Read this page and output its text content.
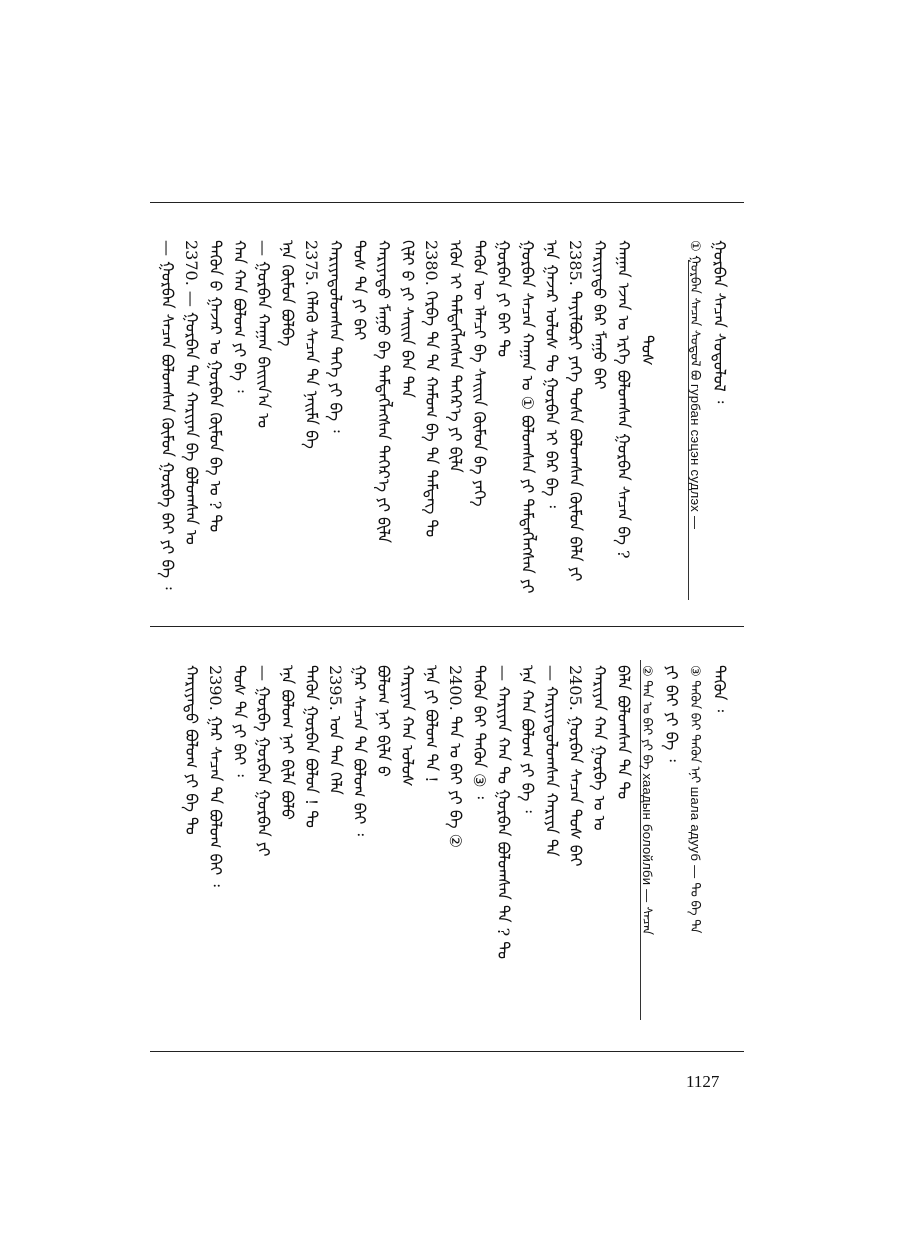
ᠭᠤᠷᠪᠠᠨ ᠰᠡᠴᠡᠨ ᠰᠤᠳᠤᠯᠤᠯ ᠄
① ᠭᠤᠷᠪᠠᠨ ᠰᠡᠴᠡᠨ ᠰᠤᠳᠤᠯ ᠪᠤ гурбан сэцэн судлэх —
ᠲᠤᠰ
ᠬᠠᠭᠠᠨ ᠡᠵᠡᠨ ᠤ ᠡᠷᠬᠡ ᠪᠣᠯᠤᠭᠰᠠᠨ ᠭᠤᠷᠪᠠᠨ ᠰᠡᠴᠡᠨ ᠪᠠ ?
ᠬᠠᠷᠢᠶᠠᠲᠤ ᠪᠡᠷ ᠮᠠᠭᠤ ᠪᠠᠢ
2385. ᠲᠠᠶᠢᠯᠪᠤᠷᠢ ᠶᠡᠬᠡ ᠲᠤᠰᠠ ᠪᠣᠯᠣᠭᠰᠠᠨ ᠬᠦᠮᠦᠨ ᠪᠡᠯᠡ ᠶᠢ
ᠡᠨᠡ ᠭᠠᠵᠠᠷ ᠤᠯᠤᠰ ᠲᠤ ᠭᠤᠷᠪᠠᠨ ᠢ ᠪᠡᠷ ᠪᠠ ᠄
ᠭᠤᠷᠪᠠᠨ ᠰᠡᠴᠡᠨ ᠬᠠᠭᠠᠨ ᠤ ① ᠪᠣᠯᠤᠭᠰᠠᠨ ᠶᠢ ᠲᠡᠮᠳᠡᠭᠯᠡᠭᠰᠡᠨ ᠶᠢ
ᠭᠤᠷᠪᠠᠨ ᠶᠢ ᠪᠠᠢ ᠲᠤ
ᠲᠡᠭᠦᠨ ᠦ ᠡᠯᠡᠴᠢ ᠪᠠ ᠰᠠᠢᠢᠨ ᠬᠦᠮᠦᠨ ᠪᠠ ᠶᠡᠬᠡ
ᠡᠭᠦᠨ ᠢ ᠲᠡᠮᠳᠡᠭᠯᠡᠭᠰᠡᠨ ᠳᠡᠭᠡᠷ᠎ᠡ ᠶᠢ ᠪᠢᠯᠡ
2380. ᠬᠡᠷᠪᠡ ᠲᠠ ᠲᠠ ᠬᠠᠮᠤᠭ ᠪᠠ ᠲᠠ ᠲᠡᠮᠳᠡᠭ ᠲᠤ
ᠬᠢᠯᠢ ᠪ ᠶᠢ ᠰᠠᠢᠢᠨ ᠪᠠᠨ ᠲᠠᠨ
ᠬᠠᠷᠢᠶᠠᠲᠤ ᠮᠠᠭᠤ ᠪᠠ ᠲᠡᠮᠳᠡᠭᠯᠡᠭᠰᠡᠨ ᠳᠡᠭᠡᠷ᠎ᠡ ᠶᠢ ᠪᠢᠯᠡ
ᠲᠤᠰ ᠲᠠ ᠶᠢ ᠪᠠᠢ
ᠬᠠᠷᠢᠶᠠᠲᠤᠯᠤᠭᠰᠠᠨ ᠳᠡᠭᠡ ᠶᠢ ᠪᠠ ᠄
2375. ᠬᠡᠯᠡᠬᠦ ᠰᠡᠴᠡᠨ ᠲᠠ ᠨᠠᠢᠮᠠ ᠪᠠ
ᠡᠨᠡ ᠬᠦᠮᠦᠨ ᠪᠣᠯᠪᠠ
— ᠭᠤᠷᠪᠠᠨ ᠬᠠᠭᠠᠨ ᠪᠠᠢᠢᠨ᠎ᠠ ᠤ
ᠬᠠᠨ ᠬᠠᠨ ᠪᠣᠯᠤᠭ ᠶᠢ ᠪᠠ ᠄
ᠲᠡᠭᠦᠨ ᠪ ᠭᠠᠵᠠᠷ ᠤ ᠭᠤᠷᠪᠠᠨ ᠬᠦᠮᠦᠨ ᠪᠠ ᠤ ? ᠲᠤ
2370. — ᠭᠤᠷᠪᠠᠨ ᠲᠠᠨ ᠬᠠᠷᠢᠶᠠᠨ ᠪᠠ ᠪᠣᠯᠤᠭᠰᠠᠨ ᠤ
— ᠭᠤᠷᠪᠠᠨ ᠰᠡᠴᠡᠨ ᠪᠣᠯᠤᠭᠰᠠᠨ ᠬᠦᠮᠦᠨ ᠭᠤᠷᠪᠠ ᠪᠠᠢ ᠶᠢ ᠪᠠ ᠄
ᠲᠡᠭᠦᠨ ᠄
③ ᠲᠡᠭᠦᠨ ᠪᠠᠢ ᠲᠡᠭᠦᠨ ᠡᠨᠢ шала адууб — ᠲᠤ ᠪᠠ ᠲᠠ
ᠶᠢ ᠪᠠᠢ ᠶᠢ ᠪᠠ ᠄
② ᠲᠠᠨ ᠤ ᠪᠠᠢ ᠶᠢ ᠪᠠ хаадын болойлби — ᠰᠡᠴᠡᠨ
ᠪᠡᠯᠡ ᠪᠣᠯᠤᠭᠰᠠᠨ ᠲᠠ ᠲᠤ
ᠬᠠᠷᠢᠶᠠᠨ ᠬᠠᠨ ᠭᠤᠷᠪᠠ ᠤ ᠤ
2405. ᠭᠤᠷᠪᠠᠨ ᠰᠡᠴᠡᠨ ᠲᠤᠰ ᠪᠠᠢ
— ᠬᠠᠷᠢᠶᠠᠲᠤᠯᠤᠭᠰᠠᠨ ᠬᠠᠷᠢᠶᠠ ᠲᠠ
ᠡᠨᠡ ᠬᠠᠨ ᠪᠣᠯᠤᠭ ᠶᠢ ᠪᠠ ᠄
— ᠬᠠᠷᠢᠶᠠᠨ ᠬᠠᠨ ᠲᠤ ᠭᠤᠷᠪᠠᠨ ᠪᠣᠯᠤᠭᠰᠠᠨ ᠲᠠ ? ᠲᠤ
ᠲᠡᠭᠦᠨ ᠪᠠᠢ ᠲᠡᠭᠦᠨ ③ ᠄
2400. ᠲᠠᠨ ᠤ ᠪᠠᠢ ᠶᠢ ᠪᠠ ②
ᠡᠨᠡ ᠶᠢ ᠪᠣᠯᠤᠭ ᠲᠠ !
ᠬᠠᠷᠢᠶᠠᠨ ᠬᠠᠨ ᠤᠯᠤᠰ
ᠪᠣᠯᠤᠭ ᠨᠠᠢ ᠪᠢᠯᠡ ᠪ
ᠭᠠᠷ ᠰᠡᠴᠡᠨ ᠲᠠ ᠪᠣᠯᠤᠭ ᠪᠠᠢ ᠄
2395. ᠤᠨ ᠲᠠᠨ ᠬᠡᠯᠡ
ᠲᠡᠭᠦᠨ ᠭᠤᠷᠪᠠᠨ ᠪᠣᠯᠤᠨ ! ᠲᠤ
ᠡᠨᠡ ᠪᠣᠯᠤᠭ ᠨᠠᠢ ᠪᠢᠯᠡ ᠪᠣᠯᠤ
— ᠭᠤᠷᠪᠠ ᠭᠤᠷᠪᠠᠨ ᠭᠤᠷᠪᠠᠨ ᠶᠢ
ᠲᠤᠰ ᠲᠠ ᠶᠢ ᠪᠠᠢ ᠄
2390. ᠭᠠᠷ ᠰᠡᠴᠡᠨ ᠲᠠ ᠪᠣᠯᠤᠭ ᠪᠠᠢ ᠄
ᠬᠠᠷᠢᠶᠠᠲᠤ ᠪᠣᠯᠤᠭ ᠶᠢ ᠪᠠ ᠲᠤ
1127
